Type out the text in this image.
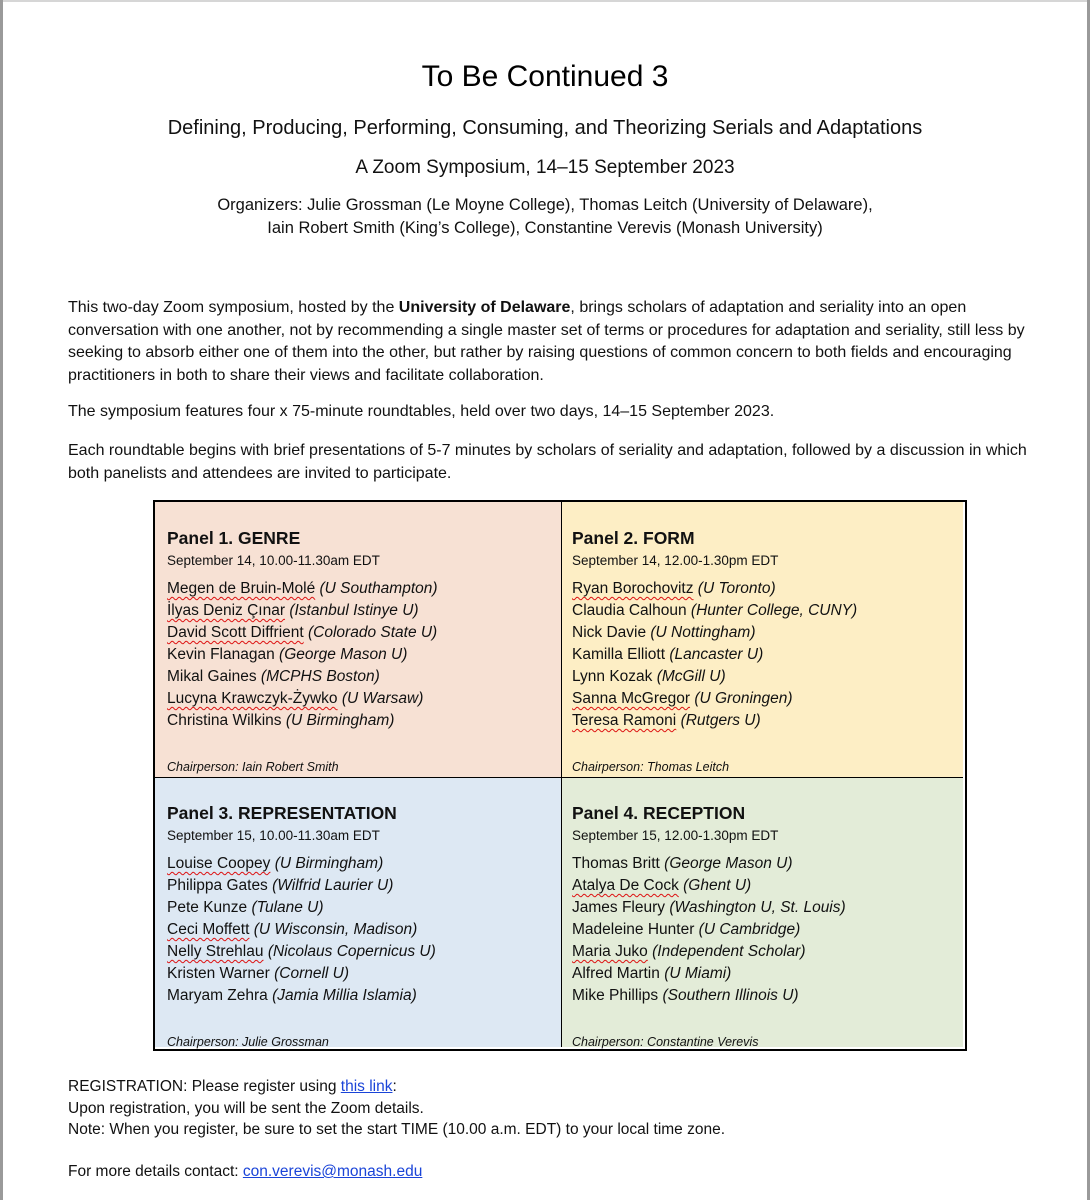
To Be Continued 3
Defining, Producing, Performing, Consuming, and Theorizing Serials and Adaptations
A Zoom Symposium, 14–15 September 2023
Organizers: Julie Grossman (Le Moyne College), Thomas Leitch (University of Delaware),
Iain Robert Smith (King’s College), Constantine Verevis (Monash University)

This two-day Zoom symposium, hosted by the University of Delaware, brings scholars of adaptation and seriality into an open conversation with one another, not by recommending a single master set of terms or procedures for adaptation and seriality, still less by seeking to absorb either one of them into the other, but rather by raising questions of common concern to both fields and encouraging practitioners in both to share their views and facilitate collaboration.

The symposium features four x 75-minute roundtables, held over two days, 14–15 September 2023.

Each roundtable begins with brief presentations of 5-7 minutes by scholars of seriality and adaptation, followed by a discussion in which both panelists and attendees are invited to participate.

Panel 1. GENRE
September 14, 10.00-11.30am EDT
Megen de Bruin-Molé (U Southampton)
İlyas Deniz Çınar (Istanbul Istinye U)
David Scott Diffrient (Colorado State U)
Kevin Flanagan (George Mason U)
Mikal Gaines (MCPHS Boston)
Lucyna Krawczyk-Żywko (U Warsaw)
Christina Wilkins (U Birmingham)
Chairperson: Iain Robert Smith
Panel 2. FORM
September 14, 12.00-1.30pm EDT
Ryan Borochovitz (U Toronto)
Claudia Calhoun (Hunter College, CUNY)
Nick Davie (U Nottingham)
Kamilla Elliott (Lancaster U)
Lynn Kozak (McGill U)
Sanna McGregor (U Groningen)
Teresa Ramoni (Rutgers U)
Chairperson: Thomas Leitch
Panel 3. REPRESENTATION
September 15, 10.00-11.30am EDT
Louise Coopey (U Birmingham)
Philippa Gates (Wilfrid Laurier U)
Pete Kunze (Tulane U)
Ceci Moffett (U Wisconsin, Madison)
Nelly Strehlau (Nicolaus Copernicus U)
Kristen Warner (Cornell U)
Maryam Zehra (Jamia Millia Islamia)
Chairperson: Julie Grossman
Panel 4. RECEPTION
September 15, 12.00-1.30pm EDT
Thomas Britt (George Mason U)
Atalya De Cock (Ghent U)
James Fleury (Washington U, St. Louis)
Madeleine Hunter (U Cambridge)
Maria Juko (Independent Scholar)
Alfred Martin (U Miami)
Mike Phillips (Southern Illinois U)
Chairperson: Constantine Verevis
REGISTRATION: Please register using this link:
Upon registration, you will be sent the Zoom details.
Note: When you register, be sure to set the start TIME (10.00 a.m. EDT) to your local time zone.
For more details contact: con.verevis@monash.edu
